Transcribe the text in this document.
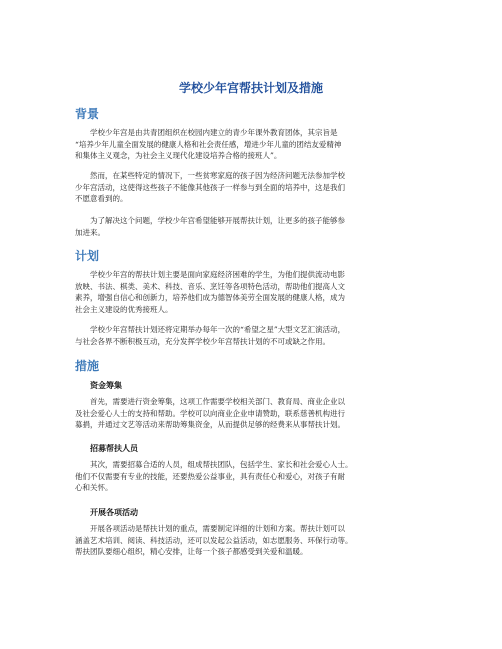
学校少年宫帮扶计划及措施
背景

学校少年宫是由共青团组织在校园内建立的青少年课外教育团体，其宗旨是
“培养少年儿童全面发展的健康人格和社会责任感，增进少年儿童的团结友爱精神
和集体主义观念，为社会主义现代化建设培养合格的接班人”。

然而，在某些特定的情况下，一些贫寒家庭的孩子因为经济问题无法参加学校
少年宫活动，这使得这些孩子不能像其他孩子一样参与到全面的培养中，这是我们
不愿意看到的。

为了解决这个问题，学校少年宫希望能够开展帮扶计划，让更多的孩子能够参
加进来。

计划

学校少年宫的帮扶计划主要是面向家庭经济困难的学生，为他们提供流动电影
放映、书法、棋类、美术、科技、音乐、烹饪等各项特色活动，帮助他们提高人文
素养，增强自信心和创新力，培养他们成为德智体美劳全面发展的健康人格，成为
社会主义建设的优秀接班人。

学校少年宫帮扶计划还将定期举办每年一次的“希望之星”大型文艺汇演活动，
与社会各界不断积极互动，充分发挥学校少年宫帮扶计划的不可或缺之作用。

措施
资金筹集

首先，需要进行资金筹集，这项工作需要学校相关部门、教育局、商业企业以
及社会爱心人士的支持和帮助。学校可以向商业企业申请赞助，联系慈善机构进行
募捐，并通过文艺等活动来帮助筹集资金，从而提供足够的经费来从事帮扶计划。

招募帮扶人员

其次，需要招募合适的人员，组成帮扶团队，包括学生、家长和社会爱心人士。
他们不仅需要有专业的技能，还要热爱公益事业，具有责任心和爱心，对孩子有耐
心和关怀。

开展各项活动

开展各项活动是帮扶计划的重点，需要制定详细的计划和方案。帮扶计划可以
涵盖艺术培训、阅读、科技活动，还可以发起公益活动，如志愿服务、环保行动等。
帮扶团队要细心组织，精心安排，让每一个孩子都感受到关爱和温暖。
